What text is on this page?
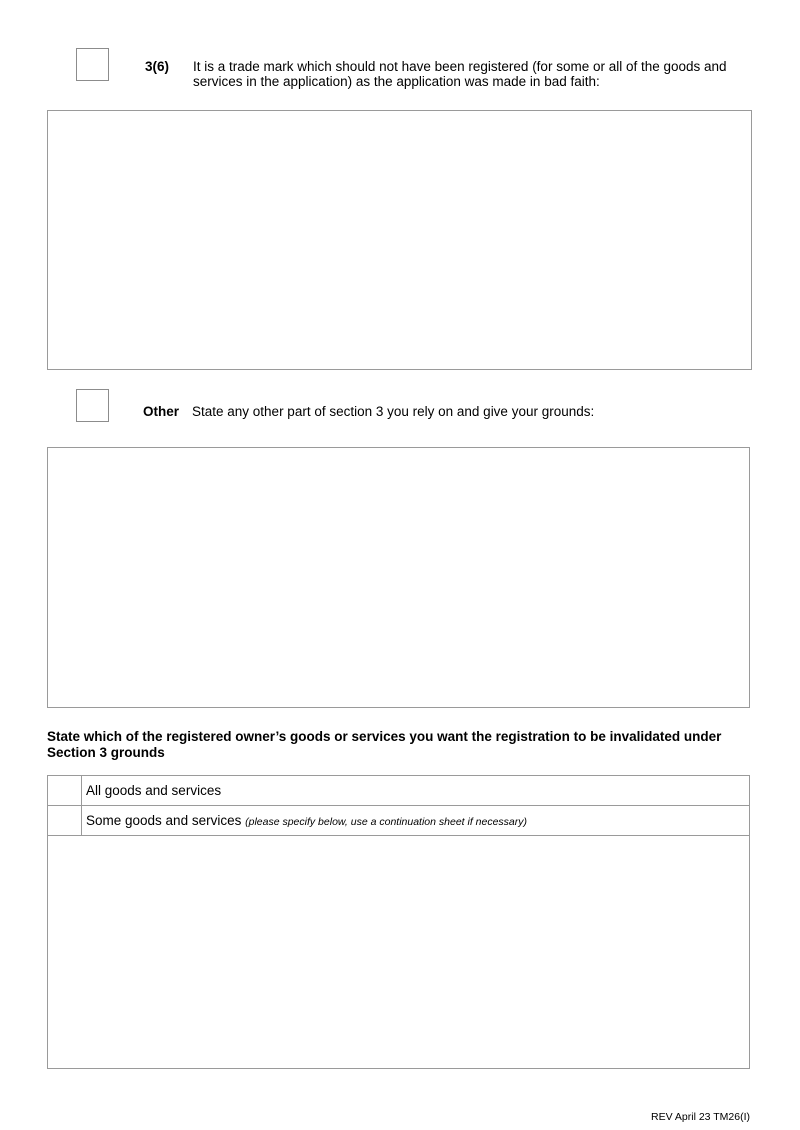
3(6) It is a trade mark which should not have been registered (for some or all of the goods and
services in the application) as the application was made in bad faith:
Other State any other part of section 3 you rely on and give your grounds:
State which of the registered owner’s goods or services you want the registration to be invalidated under
Section 3 grounds
All goods and services
Some goods and services (please specify below, use a continuation sheet if necessary)
REV April 23 TM26(I)
